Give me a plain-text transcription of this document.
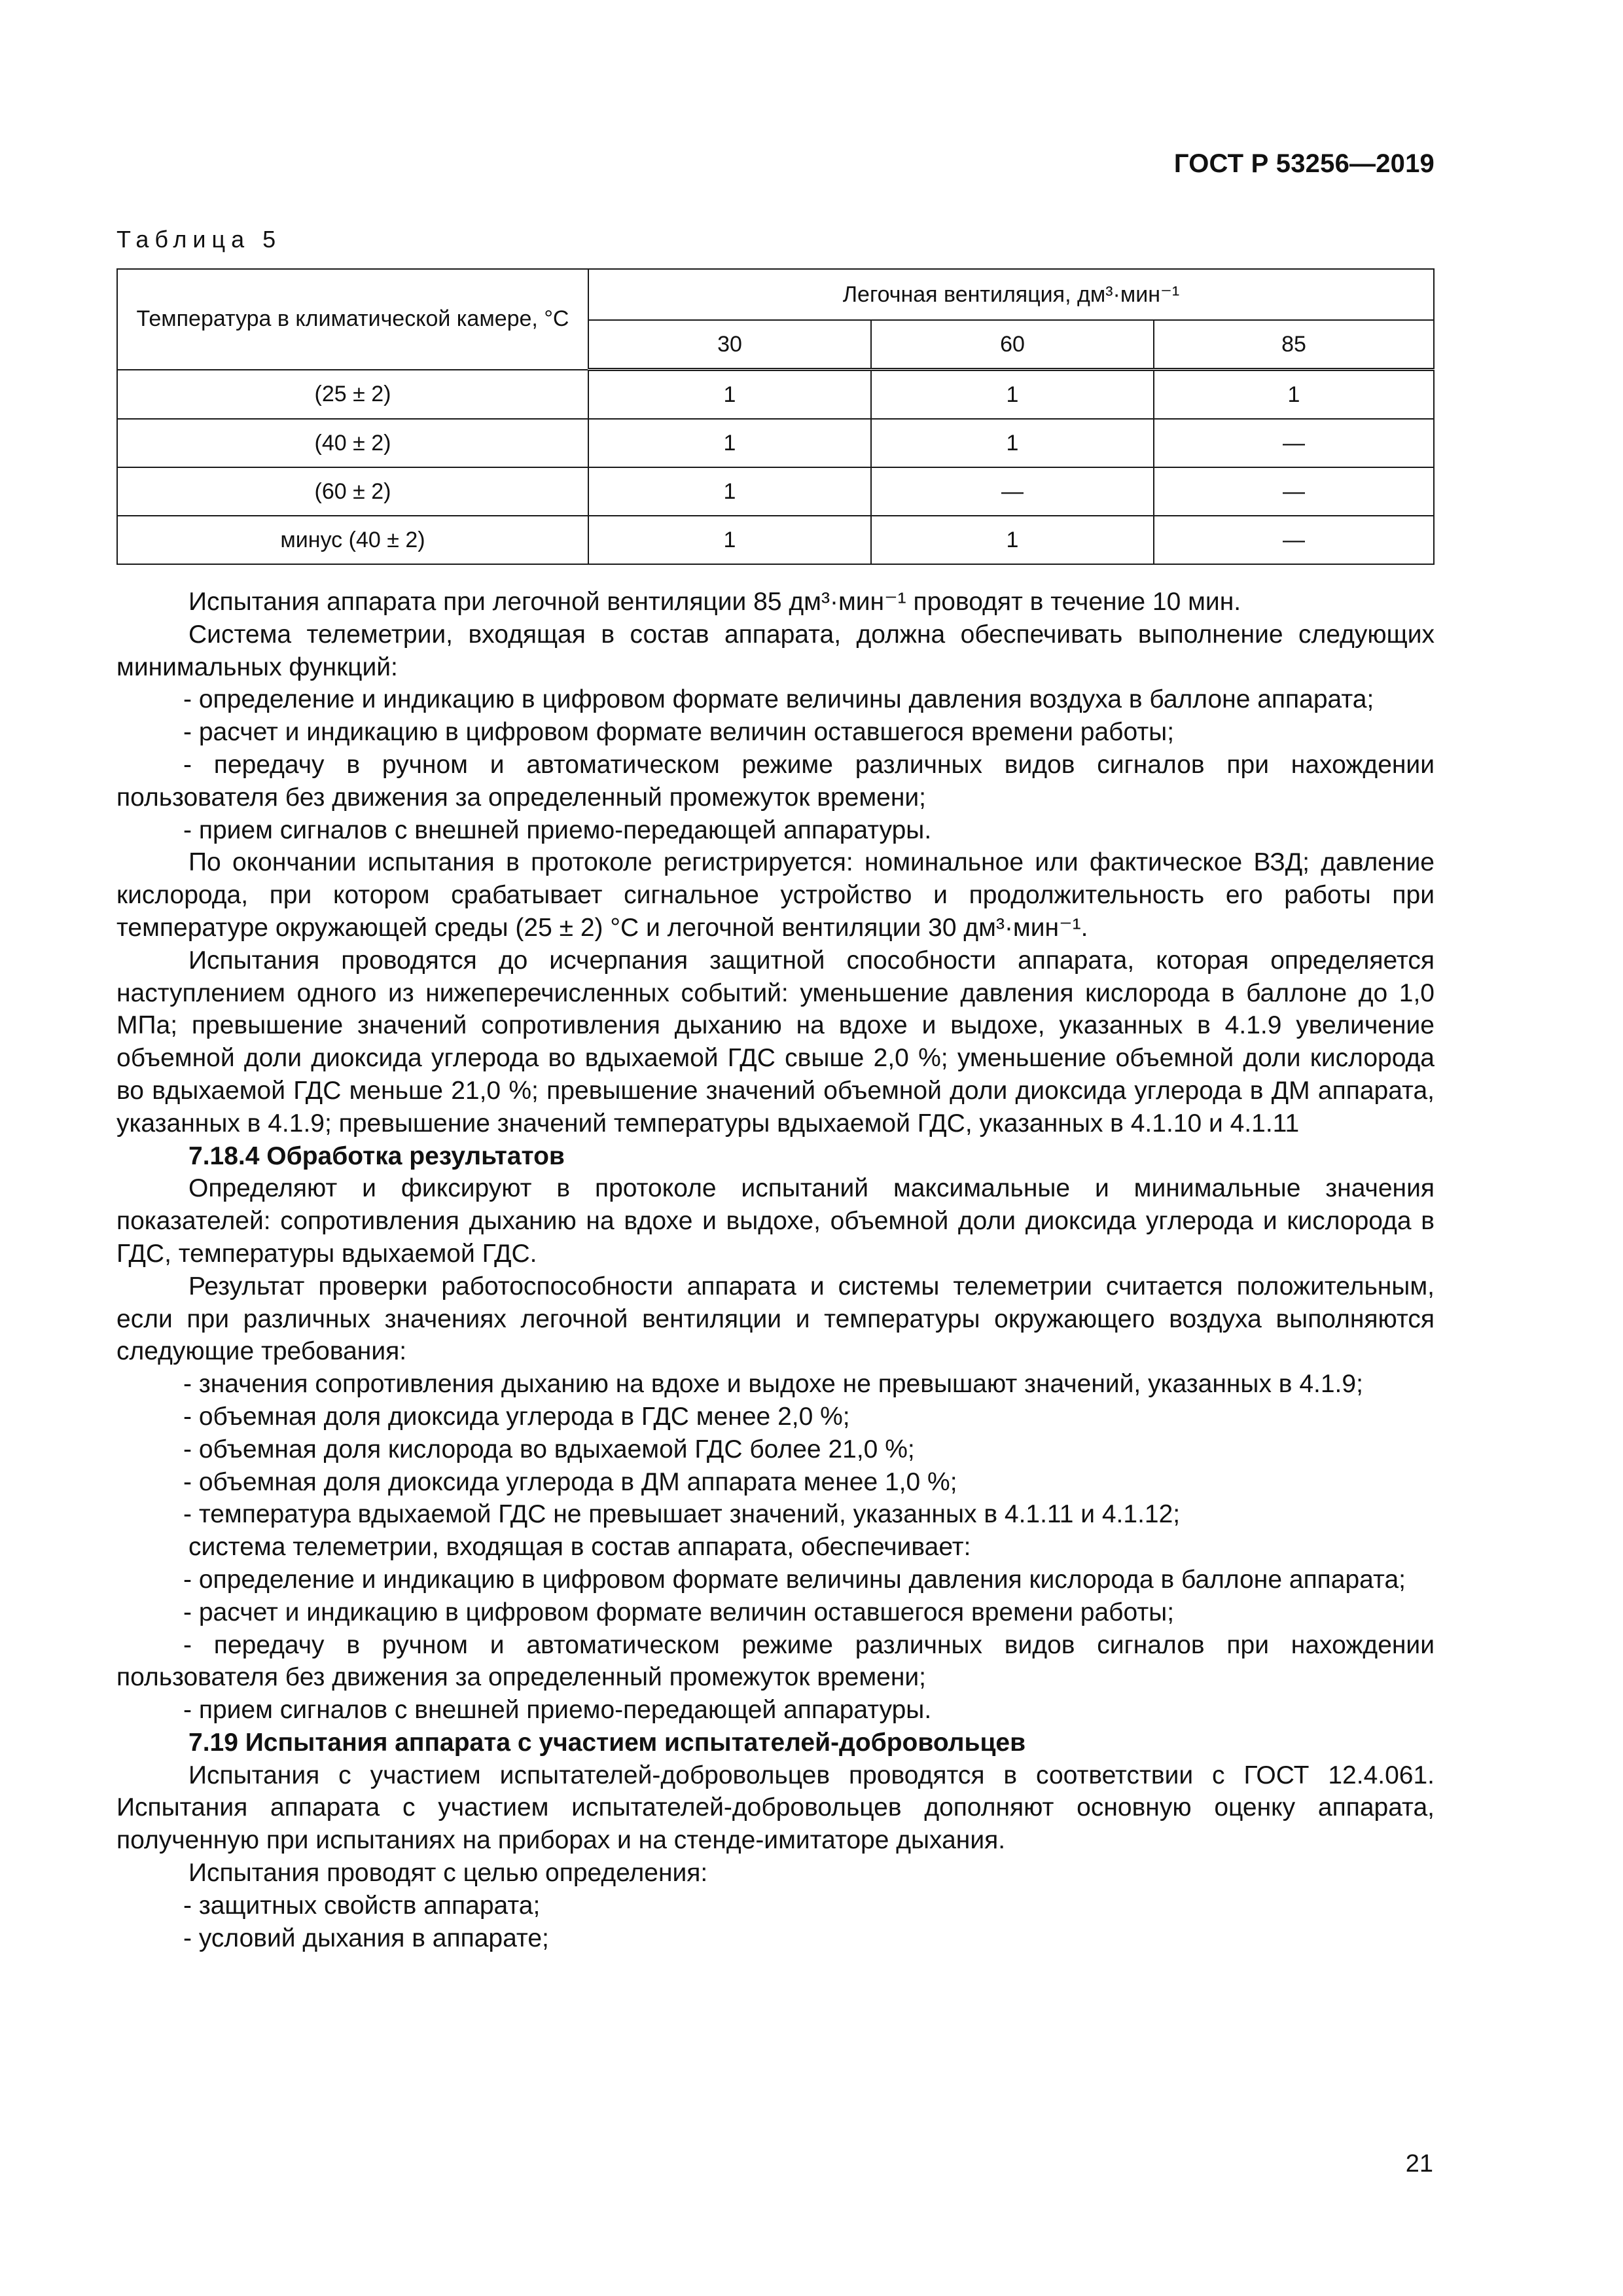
ГОСТ Р 53256—2019
Таблица 5
Температура в климатической камере, °С	Легочная вентиляция, дм³·мин⁻¹		
	30	60	85
(25 ± 2)	1	1	1
(40 ± 2)	1	1	—
(60 ± 2)	1	—	—
минус (40 ± 2)	1	1	—

Испытания аппарата при легочной вентиляции 85 дм³·мин⁻¹ проводят в течение 10 мин.

Система телеметрии, входящая в состав аппарата, должна обеспечивать выполнение следующих минимальных функций:

- определение и индикацию в цифровом формате величины давления воздуха в баллоне аппарата;

- расчет и индикацию в цифровом формате величин оставшегося времени работы;

- передачу в ручном и автоматическом режиме различных видов сигналов при нахождении пользователя без движения за определенный промежуток времени;

- прием сигналов с внешней приемо-передающей аппаратуры.

По окончании испытания в протоколе регистрируется: номинальное или фактическое ВЗД; давление кислорода, при котором срабатывает сигнальное устройство и продолжительность его работы при температуре окружающей среды (25 ± 2) °С и легочной вентиляции 30 дм³·мин⁻¹.

Испытания проводятся до исчерпания защитной способности аппарата, которая определяется наступлением одного из нижеперечисленных событий: уменьшение давления кислорода в баллоне до 1,0 МПа; превышение значений сопротивления дыханию на вдохе и выдохе, указанных в 4.1.9 увеличение объемной доли диоксида углерода во вдыхаемой ГДС свыше 2,0 %; уменьшение объемной доли кислорода во вдыхаемой ГДС меньше 21,0 %; превышение значений объемной доли диоксида углерода в ДМ аппарата, указанных в 4.1.9; превышение значений температуры вдыхаемой ГДС, указанных в 4.1.10 и 4.1.11

7.18.4 Обработка результатов

Определяют и фиксируют в протоколе испытаний максимальные и минимальные значения показателей: сопротивления дыханию на вдохе и выдохе, объемной доли диоксида углерода и кислорода в ГДС, температуры вдыхаемой ГДС.

Результат проверки работоспособности аппарата и системы телеметрии считается положительным, если при различных значениях легочной вентиляции и температуры окружающего воздуха выполняются следующие требования:

- значения сопротивления дыханию на вдохе и выдохе не превышают значений, указанных в 4.1.9;

- объемная доля диоксида углерода в ГДС менее 2,0 %;

- объемная доля кислорода во вдыхаемой ГДС более 21,0 %;

- объемная доля диоксида углерода в ДМ аппарата менее 1,0 %;

- температура вдыхаемой ГДС не превышает значений, указанных в 4.1.11 и 4.1.12;

система телеметрии, входящая в состав аппарата, обеспечивает:

- определение и индикацию в цифровом формате величины давления кислорода в баллоне аппарата;

- расчет и индикацию в цифровом формате величин оставшегося времени работы;

- передачу в ручном и автоматическом режиме различных видов сигналов при нахождении пользователя без движения за определенный промежуток времени;

- прием сигналов с внешней приемо-передающей аппаратуры.

7.19 Испытания аппарата с участием испытателей-добровольцев

Испытания с участием испытателей-добровольцев проводятся в соответствии с ГОСТ 12.4.061. Испытания аппарата с участием испытателей-добровольцев дополняют основную оценку аппарата, полученную при испытаниях на приборах и на стенде-имитаторе дыхания.

Испытания проводят с целью определения:

- защитных свойств аппарата;

- условий дыхания в аппарате;

21
